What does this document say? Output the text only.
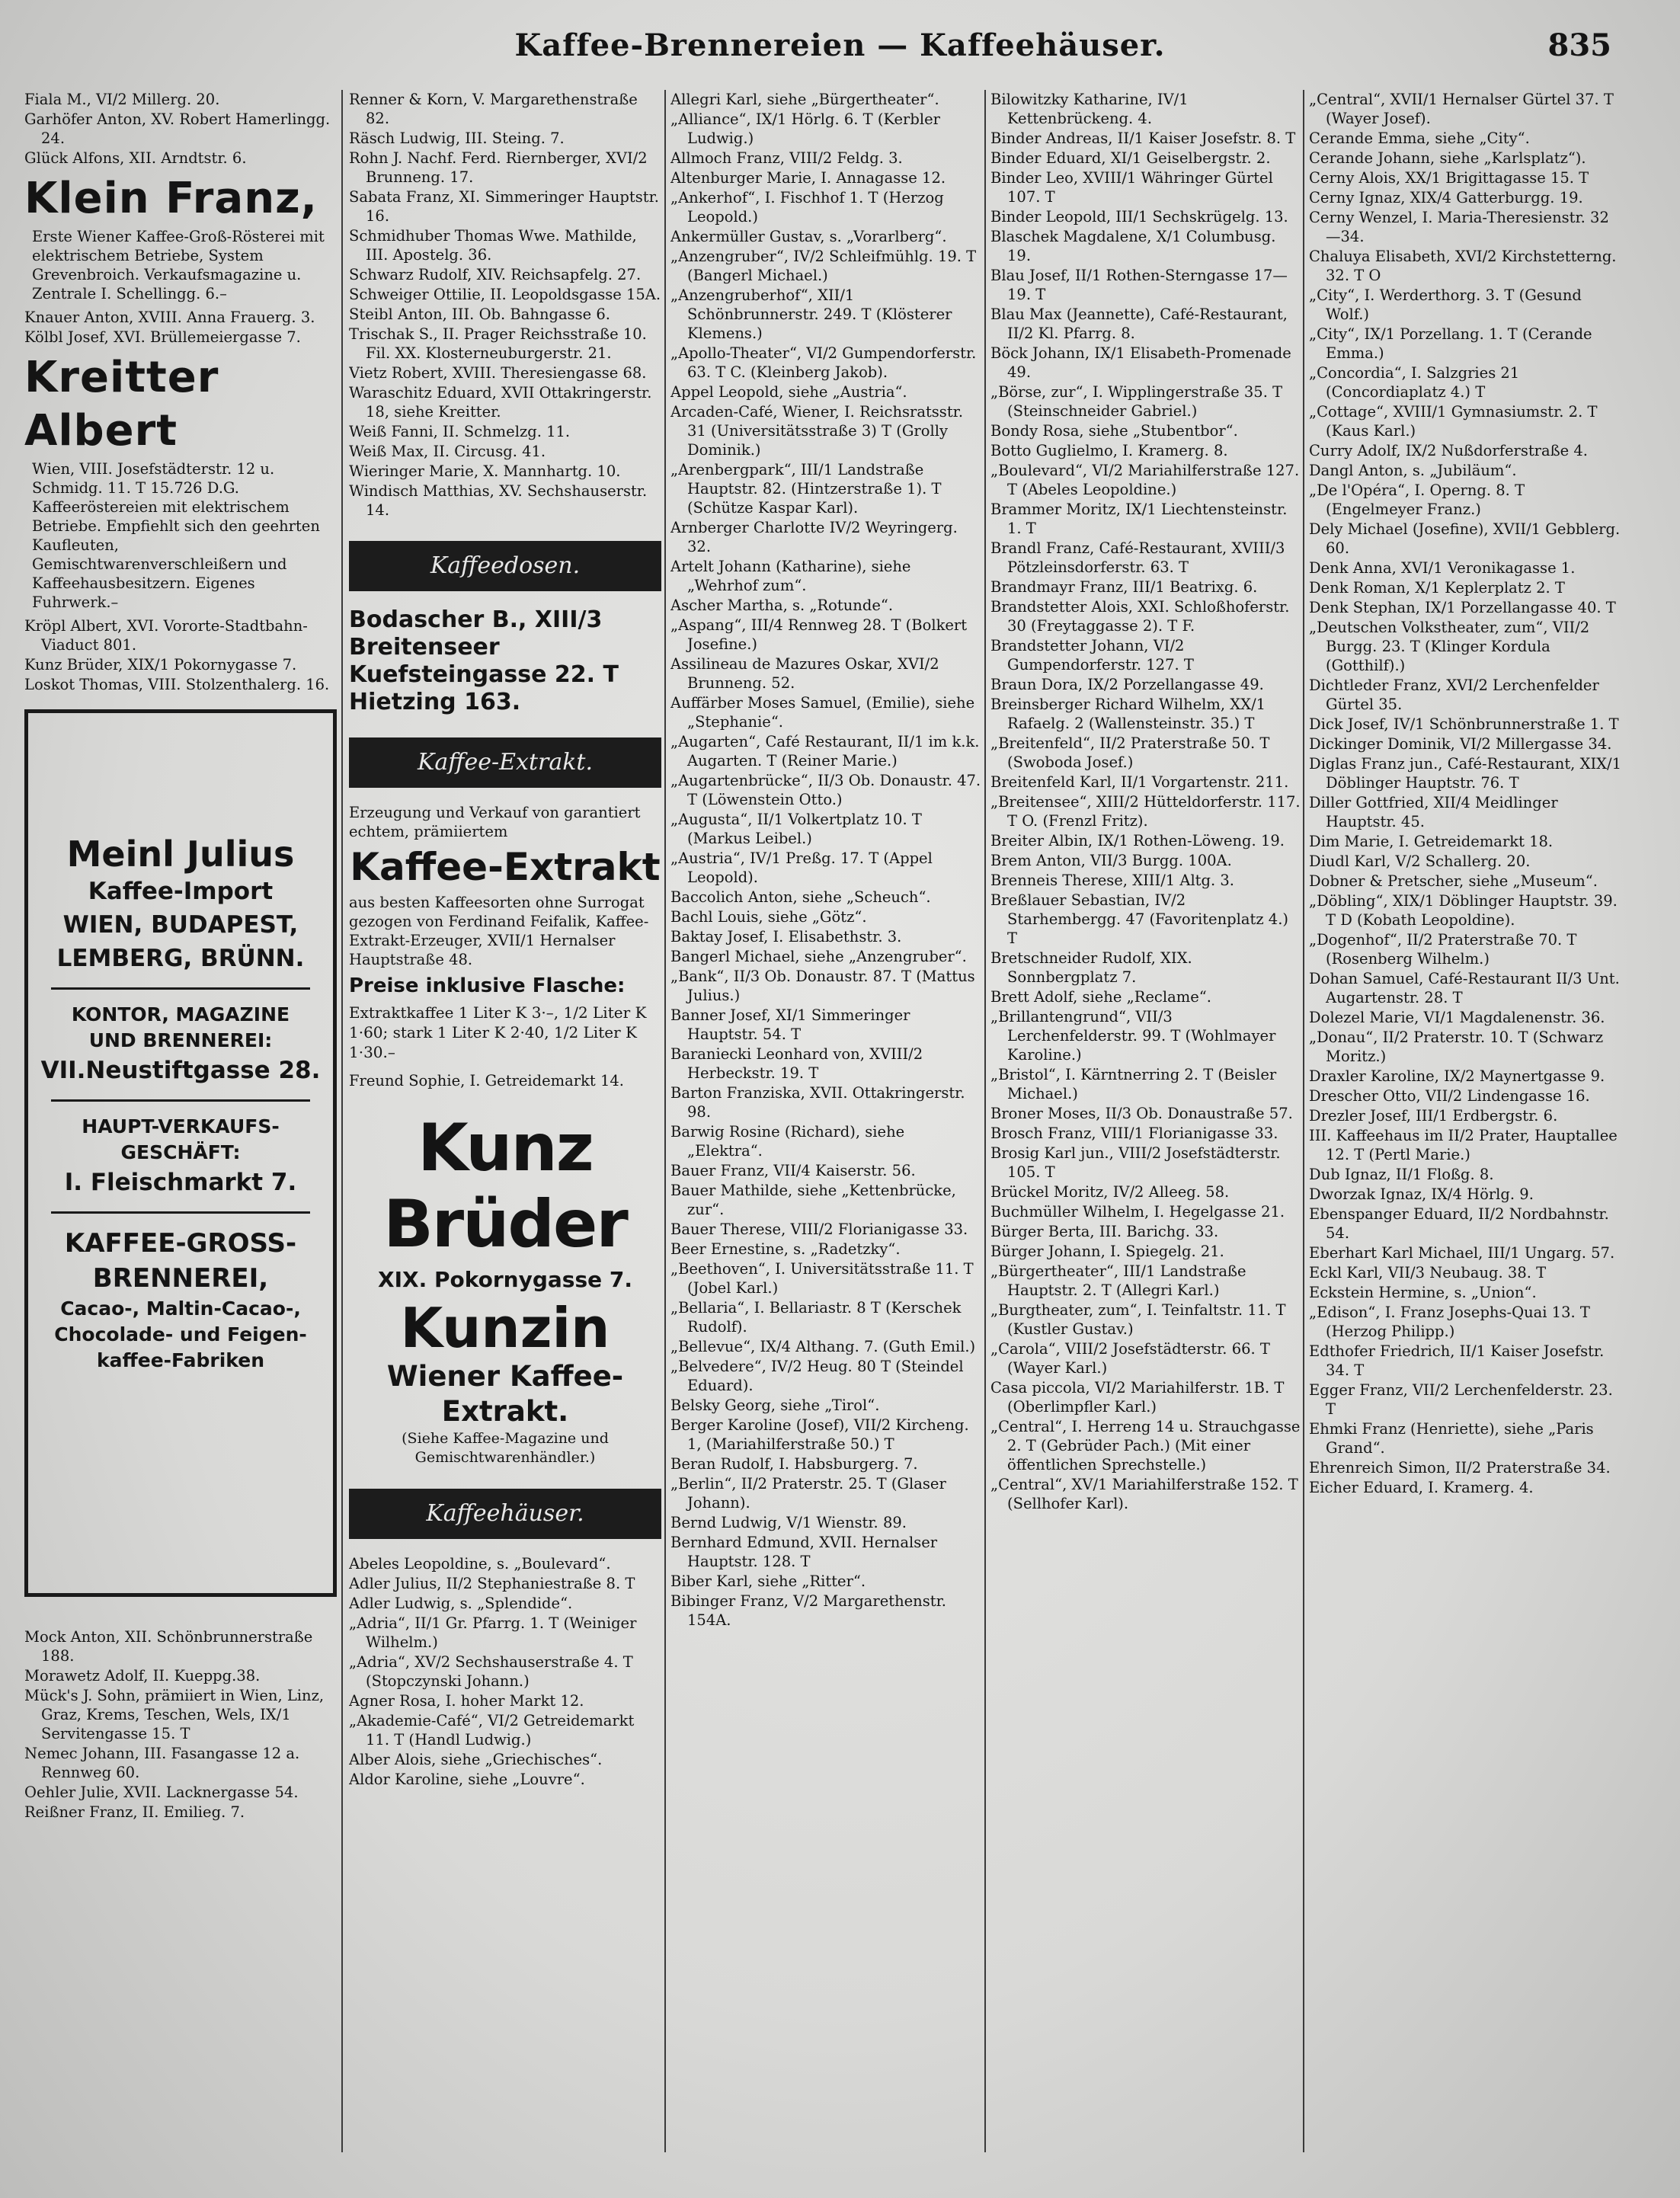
Kaffee-Brennereien — Kaffeehäuser.	835
Fiala M., VI/2 Millerg. 20.
Garhöfer Anton, XV. Robert Hamerlingg. 24.
Glück Alfons, XII. Arndtstr. 6.
Klein Franz,
Erste Wiener Kaffee-Groß-Rösterei mit elektrischem Betriebe, System Grevenbroich. Verkaufsmagazine u. Zentrale I. Schellingg. 6.–
Knauer Anton, XVIII. Anna Frauerg. 3.
Kölbl Josef, XVI. Brüllemeiergasse 7.
Kreitter Albert
Wien, VIII. Josefstädterstr. 12 u. Schmidg. 11. T 15.726 D.G. Kaffeeröstereien mit elektrischem Betriebe. Empfiehlt sich den geehrten Kaufleuten, Gemischtwarenverschleißern und Kaffeehausbesitzern. Eigenes Fuhrwerk.–
Kröpl Albert, XVI. Vororte-Stadtbahn-Viaduct 801.
Kunz Brüder, XIX/1 Pokornygasse 7.
Loskot Thomas, VIII. Stolzenthalerg. 16.
Meinl Julius
Kaffee-Import
WIEN, BUDAPEST,
LEMBERG, BRÜNN.
KONTOR, MAGAZINE
UND BRENNEREI:
VII.Neustiftgasse 28.
HAUPT-VERKAUFS-
GESCHÄFT:
I. Fleischmarkt 7.
KAFFEE-GROSS-
BRENNEREI,
Cacao-, Maltin-Cacao-,
Chocolade- und Feigen-
kaffee-Fabriken
Mock Anton, XII. Schönbrunnerstraße 188.
Morawetz Adolf, II. Kueppg.38.
Mück's J. Sohn, prämiiert in Wien, Linz, Graz, Krems, Teschen, Wels, IX/1 Servitengasse 15. T
Nemec Johann, III. Fasangasse 12 a. Rennweg 60.
Oehler Julie, XVII. Lacknergasse 54.
Reißner Franz, II. Emilieg. 7.
Renner & Korn, V. Margarethenstraße 82.
Räsch Ludwig, III. Steing. 7.
Rohn J. Nachf. Ferd. Riernberger, XVI/2 Brunneng. 17.
Sabata Franz, XI. Simmeringer Hauptstr. 16.
Schmidhuber Thomas Wwe. Mathilde, III. Apostelg. 36.
Schwarz Rudolf, XIV. Reichsapfelg. 27.
Schweiger Ottilie, II. Leopoldsgasse 15A.
Steibl Anton, III. Ob. Bahngasse 6.
Trischak S., II. Prager Reichsstraße 10. Fil. XX. Klosterneuburgerstr. 21.
Vietz Robert, XVIII. Theresiengasse 68.
Waraschitz Eduard, XVII Ottakringerstr. 18, siehe Kreitter.
Weiß Fanni, II. Schmelzg. 11.
Weiß Max, II. Circusg. 41.
Wieringer Marie, X. Mannhartg. 10.
Windisch Matthias, XV. Sechshauserstr. 14.
Kaffeedosen.
Bodascher B., XIII/3 Breitenseer Kuefsteingasse 22. T Hietzing 163.
Kaffee-Extrakt.
Erzeugung und Verkauf von garantiert echtem, prämiiertem
Kaffee-Extrakt
aus besten Kaffeesorten ohne Surrogat gezogen von Ferdinand Feifalik, Kaffee-Extrakt-Erzeuger, XVII/1 Hernalser Hauptstraße 48.
Preise inklusive Flasche:
Extraktkaffee 1 Liter K 3·–, 1/2 Liter K 1·60; stark 1 Liter K 2·40, 1/2 Liter K 1·30.–
Freund Sophie, I. Getreidemarkt 14.
Kunz Brüder
XIX. Pokornygasse 7.
Kunzin
Wiener Kaffee-Extrakt.
(Siehe Kaffee-Magazine und Gemischtwarenhändler.)
Kaffeehäuser.
Abeles Leopoldine, s. „Boulevard“.
Adler Julius, II/2 Stephaniestraße 8. T
Adler Ludwig, s. „Splendide“.
„Adria“, II/1 Gr. Pfarrg. 1. T (Weiniger Wilhelm.)
„Adria“, XV/2 Sechshauserstraße 4. T (Stopczynski Johann.)
Agner Rosa, I. hoher Markt 12.
„Akademie-Café“, VI/2 Getreidemarkt 11. T (Handl Ludwig.)
Alber Alois, siehe „Griechisches“.
Aldor Karoline, siehe „Louvre“.
Allegri Karl, siehe „Bürgertheater“.
„Alliance“, IX/1 Hörlg. 6. T (Kerbler Ludwig.)
Allmoch Franz, VIII/2 Feldg. 3.
Altenburger Marie, I. Annagasse 12.
„Ankerhof“, I. Fischhof 1. T (Herzog Leopold.)
Ankermüller Gustav, s. „Vorarlberg“.
„Anzengruber“, IV/2 Schleifmühlg. 19. T (Bangerl Michael.)
„Anzengruberhof“, XII/1 Schönbrunnerstr. 249. T (Klösterer Klemens.)
„Apollo-Theater“, VI/2 Gumpendorferstr. 63. T C. (Kleinberg Jakob).
Appel Leopold, siehe „Austria“.
Arcaden-Café, Wiener, I. Reichsratsstr. 31 (Universitätsstraße 3) T (Grolly Dominik.)
„Arenbergpark“, III/1 Landstraße Hauptstr. 82. (Hintzerstraße 1). T (Schütze Kaspar Karl).
Arnberger Charlotte IV/2 Weyringerg. 32.
Artelt Johann (Katharine), siehe „Wehrhof zum“.
Ascher Martha, s. „Rotunde“.
„Aspang“, III/4 Rennweg 28. T (Bolkert Josefine.)
Assilineau de Mazures Oskar, XVI/2 Brunneng. 52.
Auffärber Moses Samuel, (Emilie), siehe „Stephanie“.
„Augarten“, Café Restaurant, II/1 im k.k. Augarten. T (Reiner Marie.)
„Augartenbrücke“, II/3 Ob. Donaustr. 47. T (Löwenstein Otto.)
„Augusta“, II/1 Volkertplatz 10. T (Markus Leibel.)
„Austria“, IV/1 Preßg. 17. T (Appel Leopold).
Baccolich Anton, siehe „Scheuch“.
Bachl Louis, siehe „Götz“.
Baktay Josef, I. Elisabethstr. 3.
Bangerl Michael, siehe „Anzengruber“.
„Bank“, II/3 Ob. Donaustr. 87. T (Mattus Julius.)
Banner Josef, XI/1 Simmeringer Hauptstr. 54. T
Baraniecki Leonhard von, XVIII/2 Herbeckstr. 19. T
Barton Franziska, XVII. Ottakringerstr. 98.
Barwig Rosine (Richard), siehe „Elektra“.
Bauer Franz, VII/4 Kaiserstr. 56.
Bauer Mathilde, siehe „Kettenbrücke, zur“.
Bauer Therese, VIII/2 Florianigasse 33.
Beer Ernestine, s. „Radetzky“.
„Beethoven“, I. Universitätsstraße 11. T (Jobel Karl.)
„Bellaria“, I. Bellariastr. 8 T (Kerschek Rudolf).
„Bellevue“, IX/4 Althang. 7. (Guth Emil.)
„Belvedere“, IV/2 Heug. 80 T (Steindel Eduard).
Belsky Georg, siehe „Tirol“.
Berger Karoline (Josef), VII/2 Kircheng. 1, (Mariahilferstraße 50.) T
Beran Rudolf, I. Habsburgerg. 7.
„Berlin“, II/2 Praterstr. 25. T (Glaser Johann).
Bernd Ludwig, V/1 Wienstr. 89.
Bernhard Edmund, XVII. Hernalser Hauptstr. 128. T
Biber Karl, siehe „Ritter“.
Bibinger Franz, V/2 Margarethenstr. 154A.
Bilowitzky Katharine, IV/1 Kettenbrückeng. 4.
Binder Andreas, II/1 Kaiser Josefstr. 8. T
Binder Eduard, XI/1 Geiselbergstr. 2.
Binder Leo, XVIII/1 Währinger Gürtel 107. T
Binder Leopold, III/1 Sechskrügelg. 13.
Blaschek Magdalene, X/1 Columbusg. 19.
Blau Josef, II/1 Rothen-Sterngasse 17—19. T
Blau Max (Jeannette), Café-Restaurant, II/2 Kl. Pfarrg. 8.
Böck Johann, IX/1 Elisabeth-Promenade 49.
„Börse, zur“, I. Wipplingerstraße 35. T (Steinschneider Gabriel.)
Bondy Rosa, siehe „Stubentbor“.
Botto Guglielmo, I. Kramerg. 8.
„Boulevard“, VI/2 Mariahilferstraße 127. T (Abeles Leopoldine.)
Brammer Moritz, IX/1 Liechtensteinstr. 1. T
Brandl Franz, Café-Restaurant, XVIII/3 Pötzleinsdorferstr. 63. T
Brandmayr Franz, III/1 Beatrixg. 6.
Brandstetter Alois, XXI. Schloßhoferstr. 30 (Freytaggasse 2). T F.
Brandstetter Johann, VI/2 Gumpendorferstr. 127. T
Braun Dora, IX/2 Porzellangasse 49.
Breinsberger Richard Wilhelm, XX/1 Rafaelg. 2 (Wallensteinstr. 35.) T
„Breitenfeld“, II/2 Praterstraße 50. T (Swoboda Josef.)
Breitenfeld Karl, II/1 Vorgartenstr. 211.
„Breitensee“, XIII/2 Hütteldorferstr. 117. T O. (Frenzl Fritz).
Breiter Albin, IX/1 Rothen-Löweng. 19.
Brem Anton, VII/3 Burgg. 100A.
Brenneis Therese, XIII/1 Altg. 3.
Breßlauer Sebastian, IV/2 Starhembergg. 47 (Favoritenplatz 4.) T
Bretschneider Rudolf, XIX. Sonnbergplatz 7.
Brett Adolf, siehe „Reclame“.
„Brillantengrund“, VII/3 Lerchenfelderstr. 99. T (Wohlmayer Karoline.)
„Bristol“, I. Kärntnerring 2. T (Beisler Michael.)
Broner Moses, II/3 Ob. Donaustraße 57.
Brosch Franz, VIII/1 Florianigasse 33.
Brosig Karl jun., VIII/2 Josefstädterstr. 105. T
Brückel Moritz, IV/2 Alleeg. 58.
Buchmüller Wilhelm, I. Hegelgasse 21.
Bürger Berta, III. Barichg. 33.
Bürger Johann, I. Spiegelg. 21.
„Bürgertheater“, III/1 Landstraße Hauptstr. 2. T (Allegri Karl.)
„Burgtheater, zum“, I. Teinfaltstr. 11. T (Kustler Gustav.)
„Carola“, VIII/2 Josefstädterstr. 66. T (Wayer Karl.)
Casa piccola, VI/2 Mariahilferstr. 1B. T (Oberlimpfler Karl.)
„Central“, I. Herreng 14 u. Strauchgasse 2. T (Gebrüder Pach.) (Mit einer öffentlichen Sprechstelle.)
„Central“, XV/1 Mariahilferstraße 152. T (Sellhofer Karl).
„Central“, XVII/1 Hernalser Gürtel 37. T (Wayer Josef).
Cerande Emma, siehe „City“.
Cerande Johann, siehe „Karlsplatz“).
Cerny Alois, XX/1 Brigittagasse 15. T
Cerny Ignaz, XIX/4 Gatterburgg. 19.
Cerny Wenzel, I. Maria-Theresienstr. 32—34.
Chaluya Elisabeth, XVI/2 Kirchstetterng. 32. T O
„City“, I. Werderthorg. 3. T (Gesund Wolf.)
„City“, IX/1 Porzellang. 1. T (Cerande Emma.)
„Concordia“, I. Salzgries 21 (Concordiaplatz 4.) T
„Cottage“, XVIII/1 Gymnasiumstr. 2. T (Kaus Karl.)
Curry Adolf, IX/2 Nußdorferstraße 4.
Dangl Anton, s. „Jubiläum“.
„De l'Opéra“, I. Operng. 8. T (Engelmeyer Franz.)
Dely Michael (Josefine), XVII/1 Gebblerg. 60.
Denk Anna, XVI/1 Veronikagasse 1.
Denk Roman, X/1 Keplerplatz 2. T
Denk Stephan, IX/1 Porzellangasse 40. T
„Deutschen Volkstheater, zum“, VII/2 Burgg. 23. T (Klinger Kordula (Gotthilf).)
Dichtleder Franz, XVI/2 Lerchenfelder Gürtel 35.
Dick Josef, IV/1 Schönbrunnerstraße 1. T
Dickinger Dominik, VI/2 Millergasse 34.
Diglas Franz jun., Café-Restaurant, XIX/1 Döblinger Hauptstr. 76. T
Diller Gottfried, XII/4 Meidlinger Hauptstr. 45.
Dim Marie, I. Getreidemarkt 18.
Diudl Karl, V/2 Schallerg. 20.
Dobner & Pretscher, siehe „Museum“.
„Döbling“, XIX/1 Döblinger Hauptstr. 39. T D (Kobath Leopoldine).
„Dogenhof“, II/2 Praterstraße 70. T (Rosenberg Wilhelm.)
Dohan Samuel, Café-Restaurant II/3 Unt. Augartenstr. 28. T
Dolezel Marie, VI/1 Magdalenenstr. 36.
„Donau“, II/2 Praterstr. 10. T (Schwarz Moritz.)
Draxler Karoline, IX/2 Maynertgasse 9.
Drescher Otto, VII/2 Lindengasse 16.
Drezler Josef, III/1 Erdbergstr. 6.
III. Kaffeehaus im II/2 Prater, Hauptallee 12. T (Pertl Marie.)
Dub Ignaz, II/1 Floßg. 8.
Dworzak Ignaz, IX/4 Hörlg. 9.
Ebenspanger Eduard, II/2 Nordbahnstr. 54.
Eberhart Karl Michael, III/1 Ungarg. 57.
Eckl Karl, VII/3 Neubaug. 38. T
Eckstein Hermine, s. „Union“.
„Edison“, I. Franz Josephs-Quai 13. T (Herzog Philipp.)
Edthofer Friedrich, II/1 Kaiser Josefstr. 34. T
Egger Franz, VII/2 Lerchenfelderstr. 23. T
Ehmki Franz (Henriette), siehe „Paris Grand“.
Ehrenreich Simon, II/2 Praterstraße 34.
Eicher Eduard, I. Kramerg. 4.
